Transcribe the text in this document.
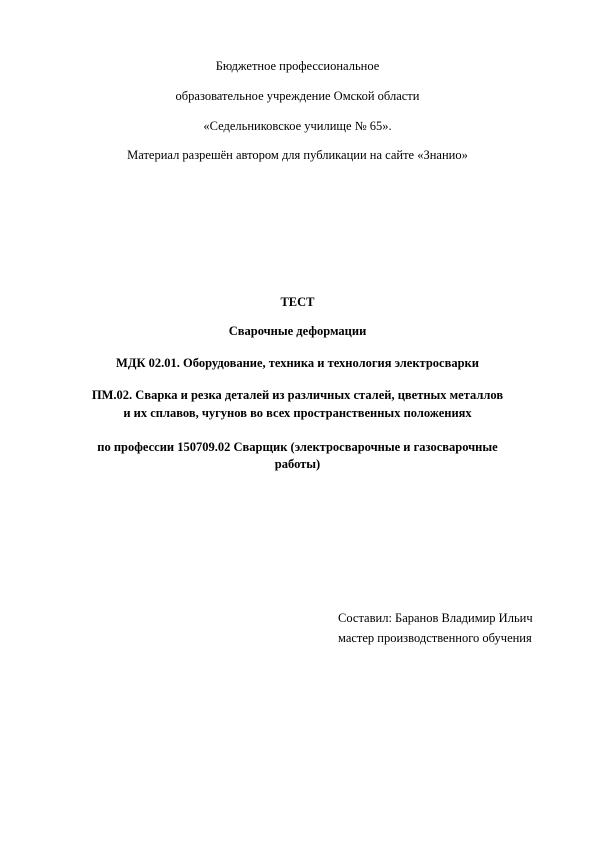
Бюджетное профессиональное
образовательное учреждение Омской области
«Седельниковское училище № 65».
Материал разрешён автором для публикации на сайте «Знанио»
ТЕСТ
Сварочные деформации
МДК 02.01. Оборудование, техника и технология электросварки
ПМ.02. Сварка и резка деталей из различных сталей, цветных металлов
и их сплавов, чугунов во всех пространственных положениях
по профессии 150709.02 Сварщик (электросварочные и газосварочные
работы)
Составил: Баранов Владимир Ильич
мастер производственного обучения
